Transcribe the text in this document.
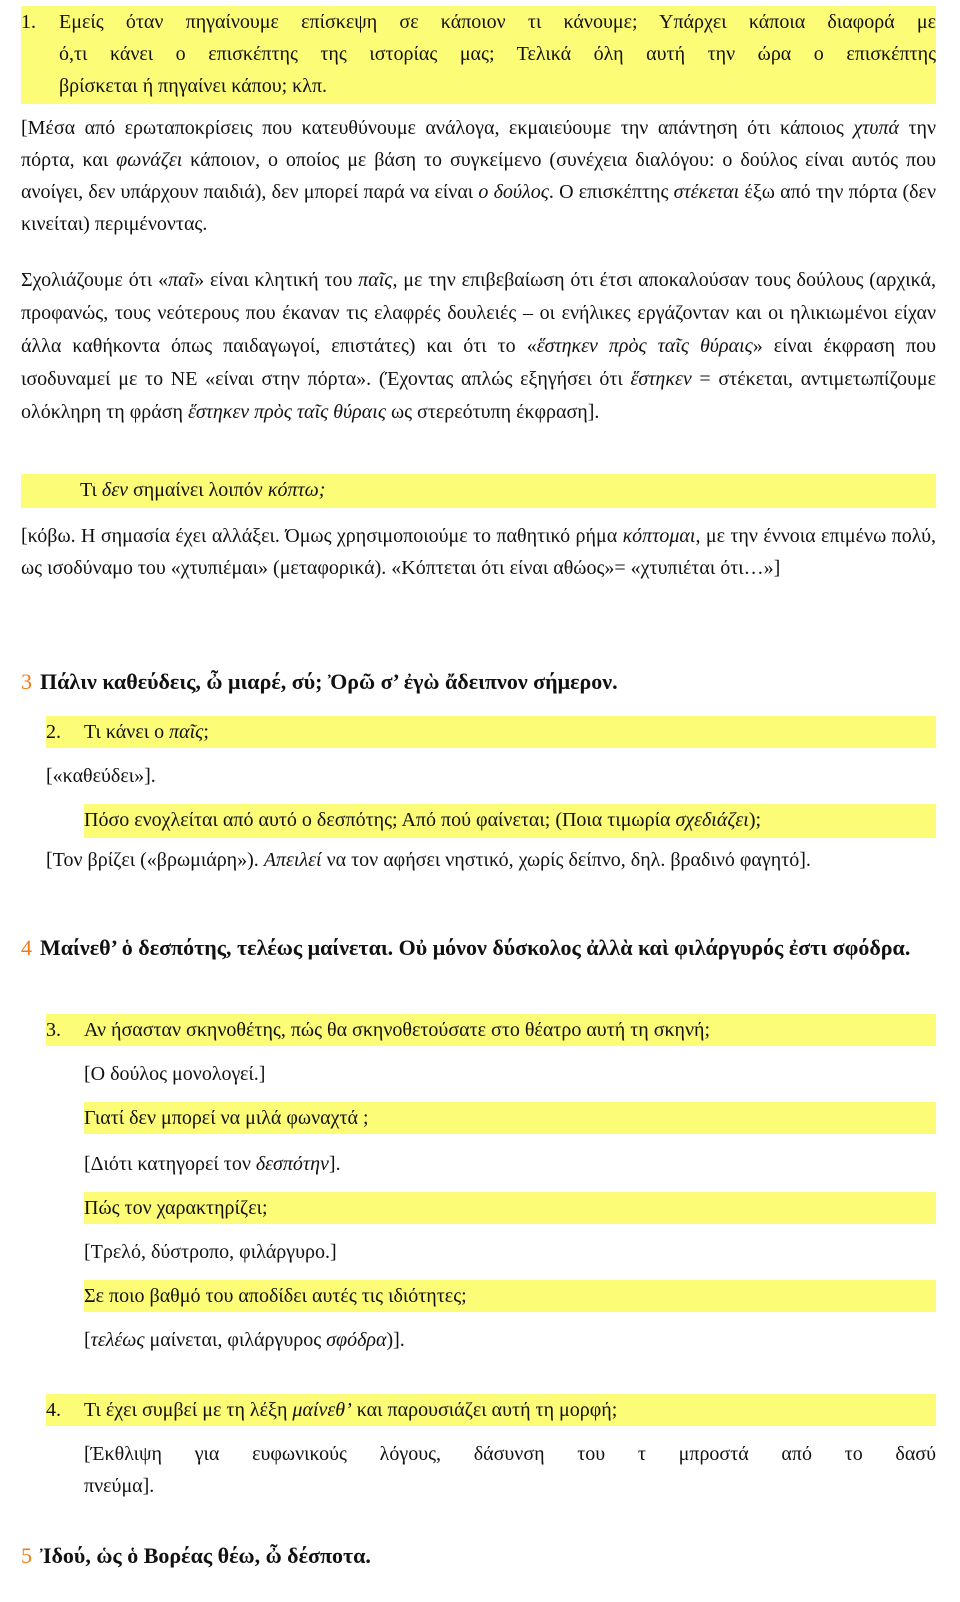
1. Εμείς όταν πηγαίνουμε επίσκεψη σε κάποιον τι κάνουμε; Υπάρχει κάποια διαφορά με
ό,τι κάνει ο επισκέπτης της ιστορίας μας; Τελικά όλη αυτή την ώρα ο επισκέπτης
βρίσκεται ή πηγαίνει κάπου; κλπ.
[Μέσα από ερωταποκρίσεις που κατευθύνουμε ανάλογα, εκμαιεύουμε την απάντηση ότι κάποιος χτυπά την πόρτα, και φωνάζει κάποιον, ο οποίος με βάση το συγκείμενο (συνέχεια διαλόγου: ο δούλος είναι αυτός που ανοίγει, δεν υπάρχουν παιδιά), δεν μπορεί παρά να είναι ο δούλος. Ο επισκέπτης στέκεται έξω από την πόρτα (δεν κινείται) περιμένοντας.
Σχολιάζουμε ότι «παῖ» είναι κλητική του παῖς, με την επιβεβαίωση ότι έτσι αποκαλούσαν τους δούλους (αρχικά, προφανώς, τους νεότερους που έκαναν τις ελαφρές δουλειές – οι ενήλικες εργάζονταν και οι ηλικιωμένοι είχαν άλλα καθήκοντα όπως παιδαγωγοί, επιστάτες) και ότι το «ἕστηκεν πρὸς ταῖς θύραις» είναι έκφραση που ισοδυναμεί με το ΝΕ «είναι στην πόρτα». (Έχοντας απλώς εξηγήσει ότι ἕστηκεν = στέκεται, αντιμετωπίζουμε ολόκληρη τη φράση ἕστηκεν πρὸς ταῖς θύραις ως στερεότυπη έκφραση].
Τι δεν σημαίνει λοιπόν κόπτω;
[κόβω. Η σημασία έχει αλλάξει. Όμως χρησιμοποιούμε το παθητικό ρήμα κόπτομαι, με την έννοια επιμένω πολύ, ως ισοδύναμο του «χτυπιέμαι» (μεταφορικά). «Κόπτεται ότι είναι αθώος»= «χτυπιέται ότι…»]
3 Πάλιν καθεύδεις, ὦ μιαρέ, σύ; Ὀρῶ σ’ ἐγὼ ἄδειπνον σήμερον.
2. Τι κάνει ο παῖς;
[«καθεύδει»].
Πόσο ενοχλείται από αυτό ο δεσπότης; Από πού φαίνεται; (Ποια τιμωρία σχεδιάζει);
[Τον βρίζει («βρωμιάρη»). Απειλεί να τον αφήσει νηστικό, χωρίς δείπνο, δηλ. βραδινό φαγητό].
4 Μαίνεθ’ ὁ δεσπότης, τελέως μαίνεται. Οὐ μόνον δύσκολος ἀλλὰ καὶ φιλάργυρός ἐστι σφόδρα.
3. Αν ήσασταν σκηνοθέτης, πώς θα σκηνοθετούσατε στο θέατρο αυτή τη σκηνή;
[Ο δούλος μονολογεί.]
Γιατί δεν μπορεί να μιλά φωναχτά ;
[Διότι κατηγορεί τον δεσπότην].
Πώς τον χαρακτηρίζει;
[Τρελό, δύστροπο, φιλάργυρο.]
Σε ποιο βαθμό του αποδίδει αυτές τις ιδιότητες;
[τελέως μαίνεται, φιλάργυρος σφόδρα)].
4. Τι έχει συμβεί με τη λέξη μαίνεθ’ και παρουσιάζει αυτή τη μορφή;
[Έκθλιψη για ευφωνικούς λόγους, δάσυνση του τ μπροστά από το δασύ
πνεύμα].
5 Ἰδού, ὡς ὁ Βορέας θέω, ὦ δέσποτα.
